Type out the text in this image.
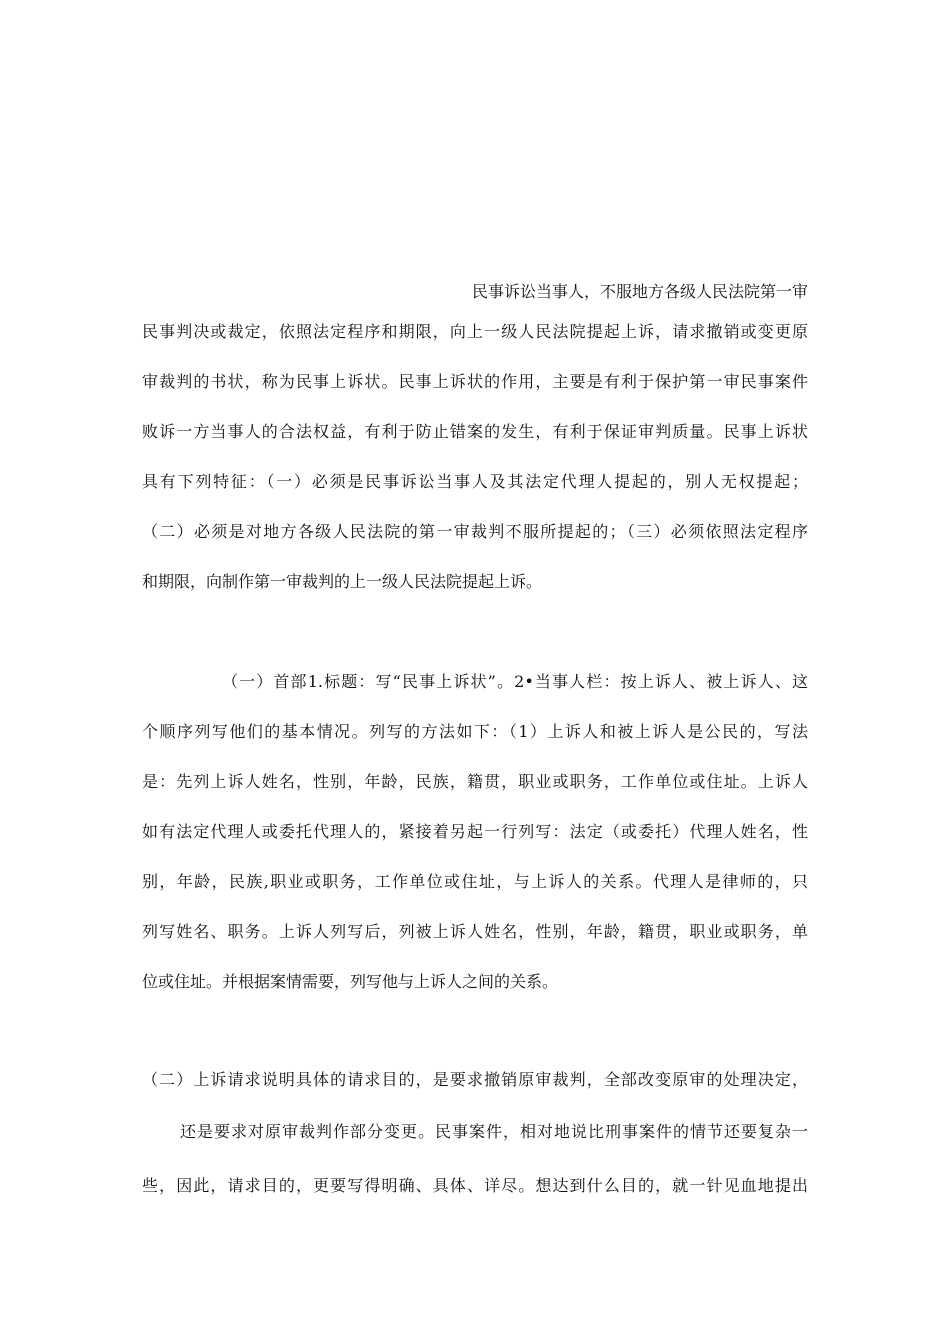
民事诉讼当事人，不服地方各级人民法院第一审
民事判决或裁定，依照法定程序和期限，向上一级人民法院提起上诉，请求撤销或变更原
审裁判的书状，称为民事上诉状。民事上诉状的作用，主要是有利于保护第一审民事案件
败诉一方当事人的合法权益，有利于防止错案的发生，有利于保证审判质量。民事上诉状
具有下列特征：（一）必须是民事诉讼当事人及其法定代理人提起的，别人无权提起；
（二）必须是对地方各级人民法院的第一审裁判不服所提起的；（三）必须依照法定程序
和期限，向制作第一审裁判的上一级人民法院提起上诉。
（一）首部1.标题：写“民事上诉状”。2•当事人栏：按上诉人、被上诉人、这
个顺序列写他们的基本情况。列写的方法如下：（1）上诉人和被上诉人是公民的，写法
是：先列上诉人姓名，性别，年龄，民族，籍贯，职业或职务，工作单位或住址。上诉人
如有法定代理人或委托代理人的，紧接着另起一行列写：法定（或委托）代理人姓名，性
别，年龄，民族,职业或职务，工作单位或住址，与上诉人的关系。代理人是律师的，只
列写姓名、职务。上诉人列写后，列被上诉人姓名，性别，年龄，籍贯，职业或职务，单
位或住址。并根据案情需要，列写他与上诉人之间的关系。
（二）上诉请求说明具体的请求目的，是要求撤销原审裁判，全部改变原审的处理决定，
还是要求对原审裁判作部分变更。民事案件，相对地说比刑事案件的情节还要复杂一
些，因此，请求目的，更要写得明确、具体、详尽。想达到什么目的，就一针见血地提出
